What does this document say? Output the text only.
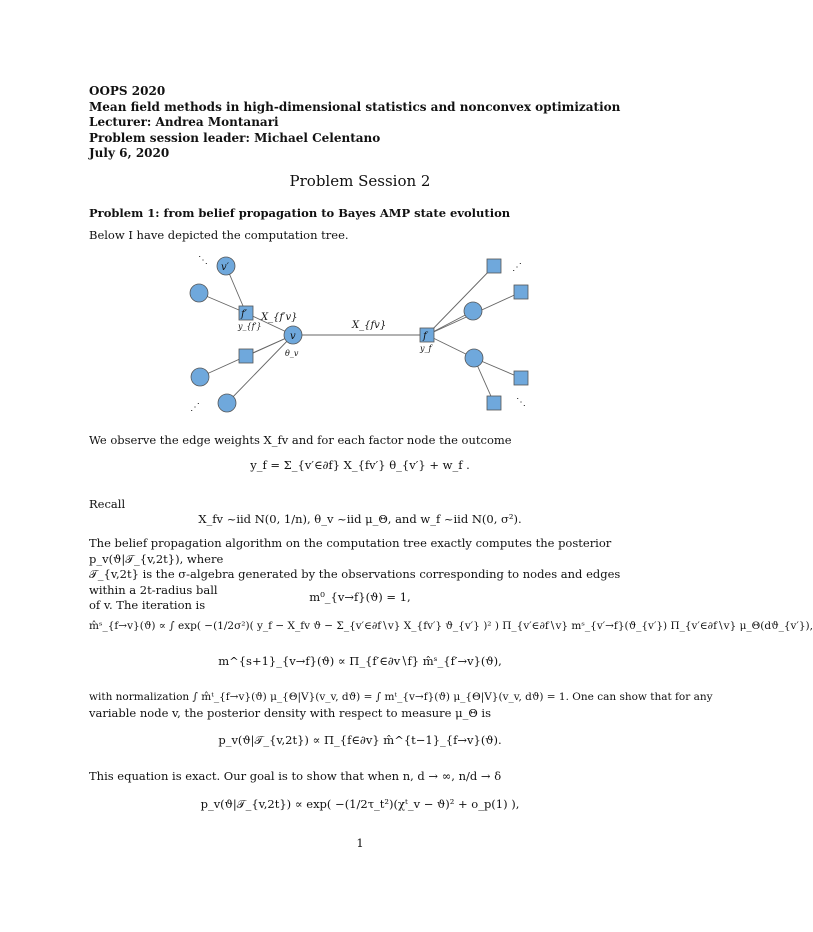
OOPS 2020
Mean field methods in high-dimensional statistics and nonconvex optimization
Lecturer: Andrea Montanari
Problem session leader: Michael Celentano
July 6, 2020
Problem Session 2
Problem 1: from belief propagation to Bayes AMP state evolution
Below I have depicted the computation tree.
⋱
⋰
⋰	⋱
v′
f′
v	f
X_{f′v}
X_{fv}
y_{f′}
θ_v
y_f
We observe the edge weights X_fv and for each factor node the outcome
y_f = Σ_{v′∈∂f} X_{fv′} θ_{v′} + w_f .
Recall
X_fv ~iid N(0, 1/n), θ_v ~iid μ_Θ, and w_f ~iid N(0, σ²).
The belief propagation algorithm on the computation tree exactly computes the posterior p_v(ϑ|𝒯_{v,2t}), where
𝒯_{v,2t} is the σ-algebra generated by the observations corresponding to nodes and edges within a 2t-radius ball
of v. The iteration is
m⁰_{v→f}(ϑ) = 1,
m̂ˢ_{f→v}(ϑ) ∝ ∫ exp( −(1/2σ²)( y_f − X_fv ϑ − Σ_{v′∈∂f∖v} X_{fv′} ϑ_{v′} )² ) Π_{v′∈∂f∖v} mˢ_{v′→f}(ϑ_{v′}) Π_{v′∈∂f∖v} μ_Θ(dϑ_{v′}),
m^{s+1}_{v→f}(ϑ) ∝ Π_{f′∈∂v∖f} m̂ˢ_{f′→v}(ϑ),
with normalization ∫ m̂ᵗ_{f→v}(ϑ) μ_{Θ|V}(v_v, dϑ) = ∫ mᵗ_{v→f}(ϑ) μ_{Θ|V}(v_v, dϑ) = 1. One can show that for any
variable node v, the posterior density with respect to measure μ_Θ is
p_v(ϑ|𝒯_{v,2t}) ∝ Π_{f∈∂v} m̂^{t−1}_{f→v}(ϑ).
This equation is exact. Our goal is to show that when n, d → ∞, n/d → δ
p_v(ϑ|𝒯_{v,2t}) ∝ exp( −(1/2τ_t²)(χᵗ_v − ϑ)² + o_p(1) ),
1
